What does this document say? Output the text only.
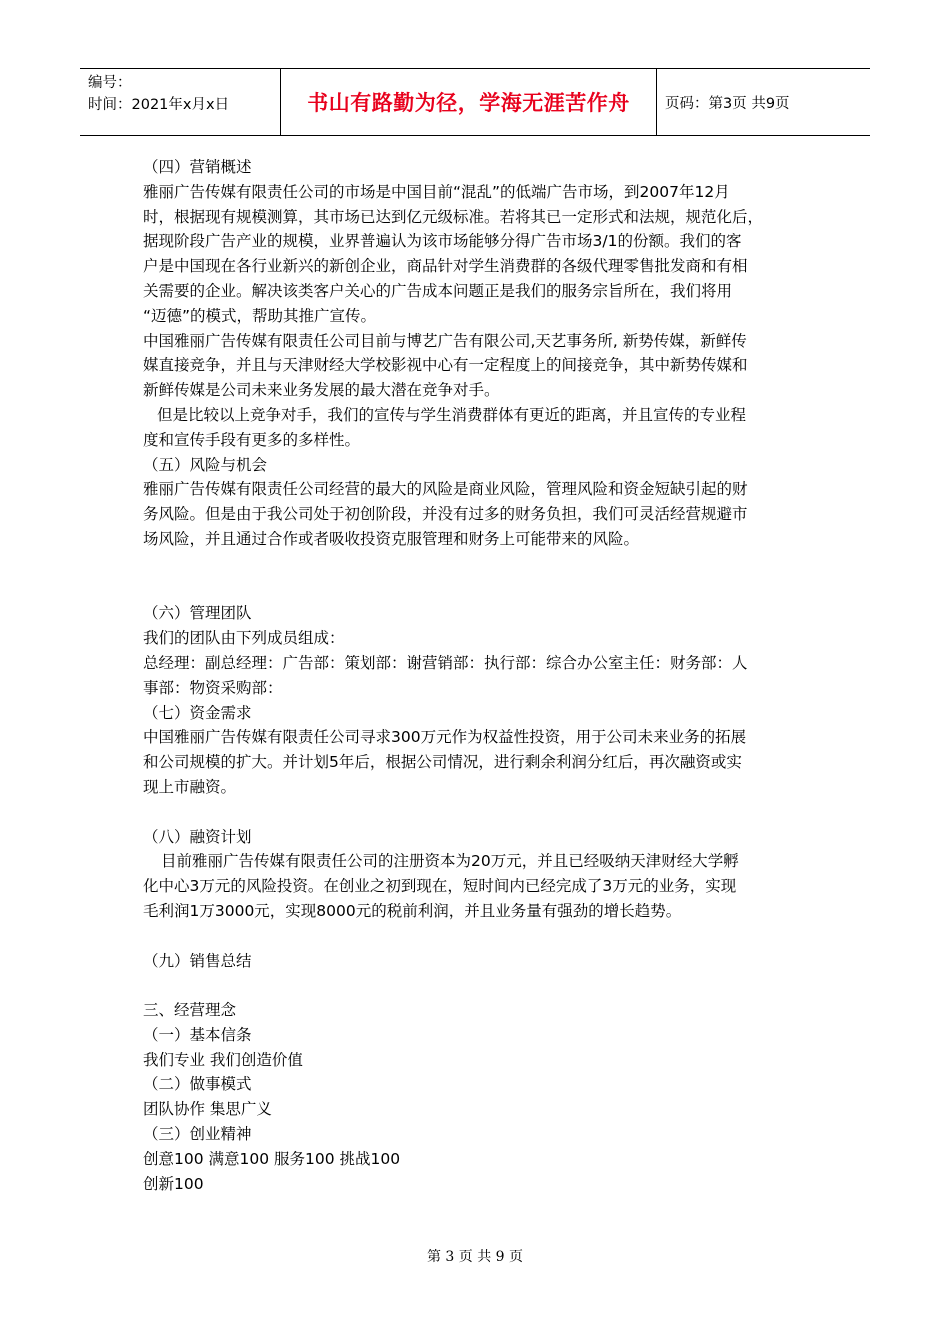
编号：
时间：2021年x月x日	书山有路勤为径，学海无涯苦作舟	页码：第3页 共9页

（四）营销概述

雅丽广告传媒有限责任公司的市场是中国目前“混乱”的低端广告市场，到2007年12月

时，根据现有规模测算，其市场已达到亿元级标准。若将其已一定形式和法规，规范化后，

据现阶段广告产业的规模，业界普遍认为该市场能够分得广告市场3/1的份额。我们的客

户是中国现在各行业新兴的新创企业，商品针对学生消费群的各级代理零售批发商和有相

关需要的企业。解决该类客户关心的广告成本问题正是我们的服务宗旨所在，我们将用

“迈德”的模式，帮助其推广宣传。

中国雅丽广告传媒有限责任公司目前与博艺广告有限公司,天艺事务所, 新势传媒，新鲜传

媒直接竞争，并且与天津财经大学校影视中心有一定程度上的间接竞争，其中新势传媒和

新鲜传媒是公司未来业务发展的最大潜在竞争对手。

但是比较以上竞争对手，我们的宣传与学生消费群体有更近的距离，并且宣传的专业程

度和宣传手段有更多的多样性。

（五）风险与机会

雅丽广告传媒有限责任公司经营的最大的风险是商业风险，管理风险和资金短缺引起的财

务风险。但是由于我公司处于初创阶段，并没有过多的财务负担，我们可灵活经营规避市

场风险，并且通过合作或者吸收投资克服管理和财务上可能带来的风险。

（六）管理团队

我们的团队由下列成员组成：

总经理：副总经理：广告部：策划部：谢营销部：执行部：综合办公室主任：财务部：人

事部：物资采购部：

（七）资金需求

中国雅丽广告传媒有限责任公司寻求300万元作为权益性投资，用于公司未来业务的拓展

和公司规模的扩大。并计划5年后，根据公司情况，进行剩余利润分红后，再次融资或实

现上市融资。

（八）融资计划

目前雅丽广告传媒有限责任公司的注册资本为20万元，并且已经吸纳天津财经大学孵

化中心3万元的风险投资。在创业之初到现在，短时间内已经完成了3万元的业务，实现

毛利润1万3000元，实现8000元的税前利润，并且业务量有强劲的增长趋势。

（九）销售总结

三、经营理念

（一）基本信条

我们专业 我们创造价值

（二）做事模式

团队协作 集思广义

（三）创业精神

创意100 满意100 服务100 挑战100

创新100

第 3 页 共 9 页
